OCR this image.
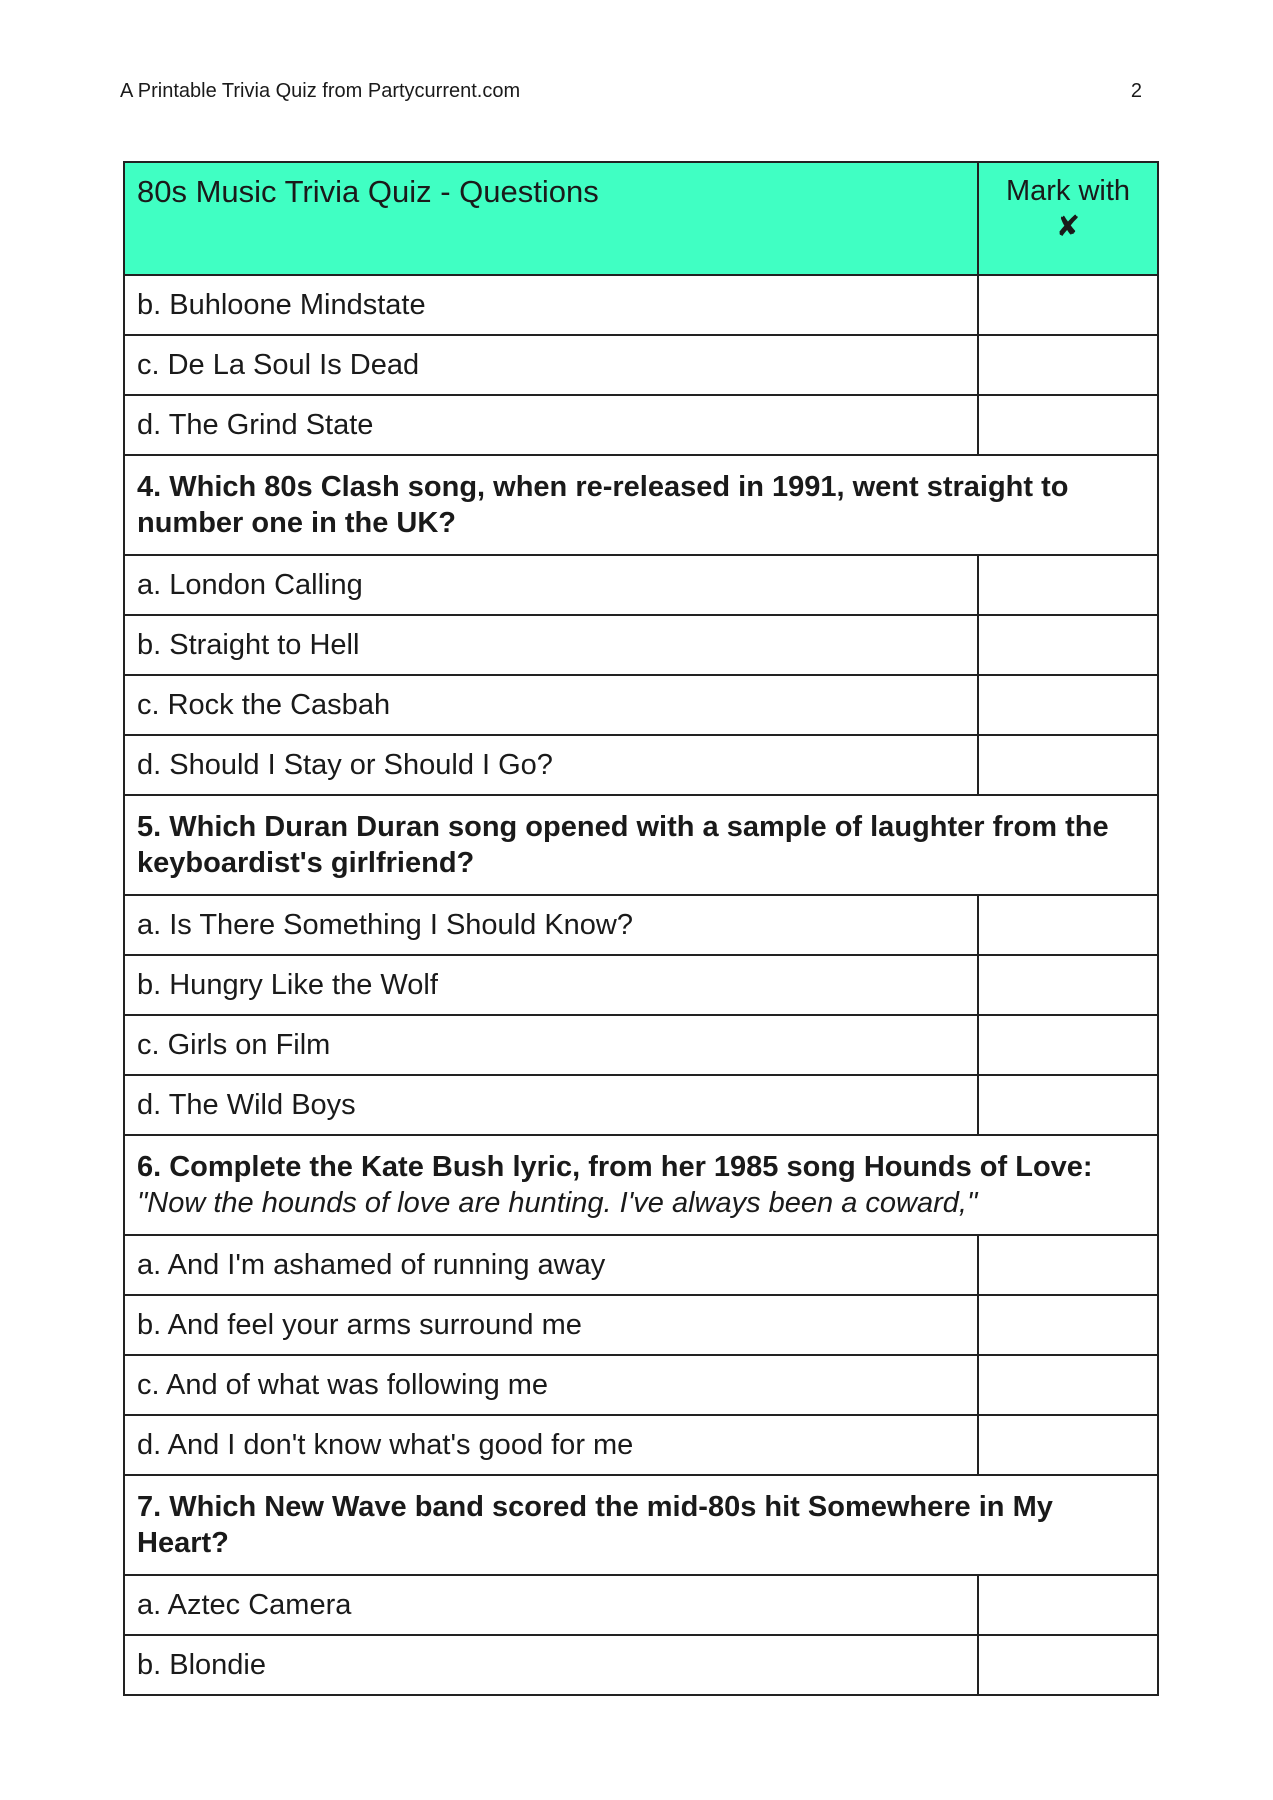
A Printable Trivia Quiz from Partycurrent.com	2
80s Music Trivia Quiz - Questions	Mark with
✘

b. Buhloone Mindstate	
c. De La Soul Is Dead	
d. The Grind State	

4. Which 80s Clash song, when re-released in 1991, went straight to number one in the UK?	

a. London Calling	
b. Straight to Hell	
c. Rock the Casbah	
d. Should I Stay or Should I Go?	

5. Which Duran Duran song opened with a sample of laughter from the keyboardist's girlfriend?	

a. Is There Something I Should Know?	
b. Hungry Like the Wolf	
c. Girls on Film	
d. The Wild Boys	

6. Complete the Kate Bush lyric, from her 1985 song Hounds of Love:
"Now the hounds of love are hunting. I've always been a coward,"	

a. And I'm ashamed of running away	
b. And feel your arms surround me	
c. And of what was following me	
d. And I don't know what's good for me	

7. Which New Wave band scored the mid-80s hit Somewhere in My Heart?	

a. Aztec Camera	
b. Blondie	
